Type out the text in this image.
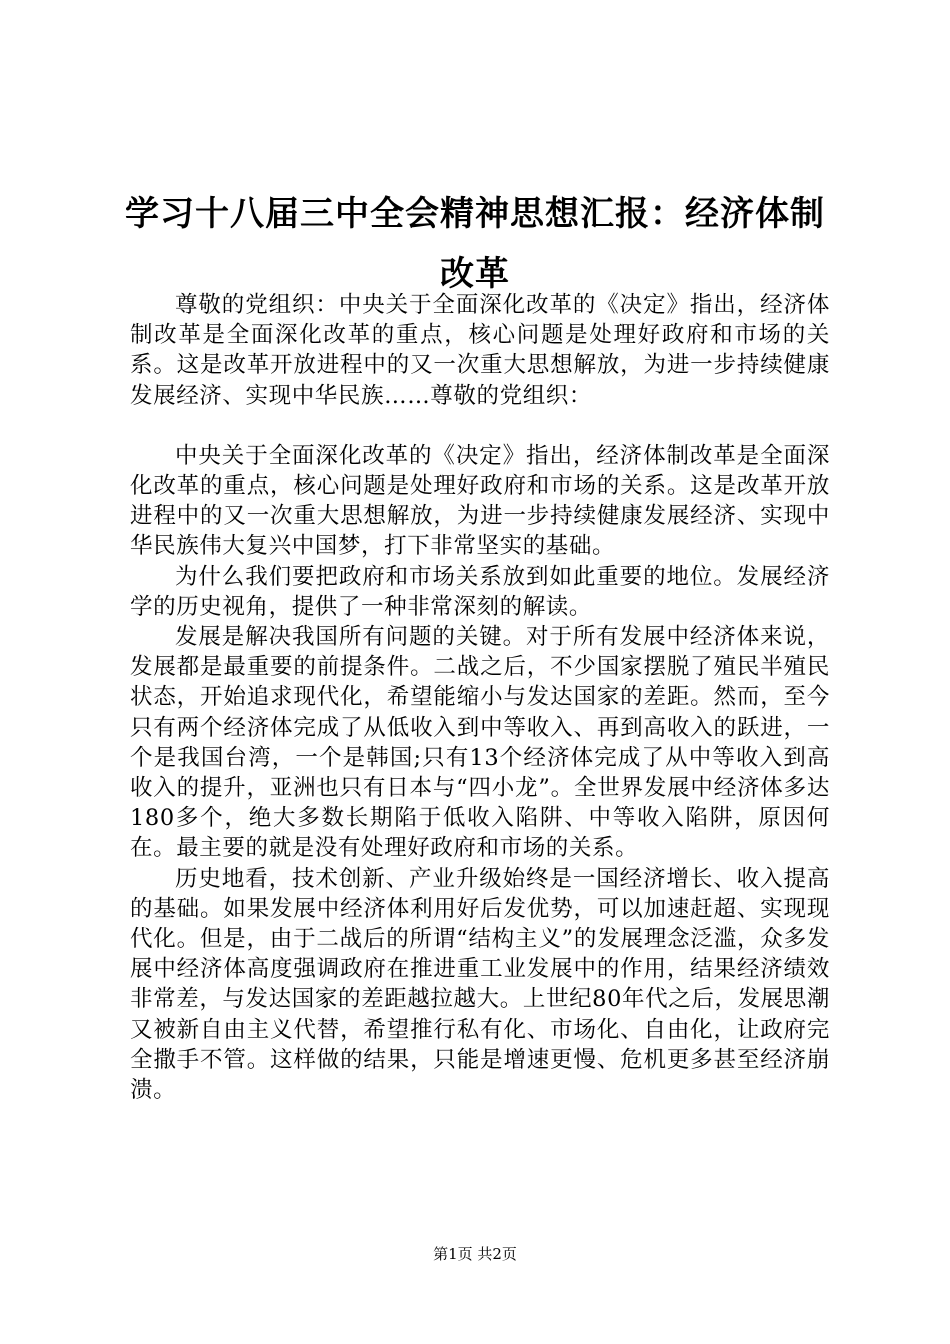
学习十八届三中全会精神思想汇报：经济体制改革

尊敬的党组织：中央关于全面深化改革的《决定》指出，经济体制改革是全面深化改革的重点，核心问题是处理好政府和市场的关系。这是改革开放进程中的又一次重大思想解放，为进一步持续健康发展经济、实现中华民族……尊敬的党组织：

中央关于全面深化改革的《决定》指出，经济体制改革是全面深化改革的重点，核心问题是处理好政府和市场的关系。这是改革开放进程中的又一次重大思想解放，为进一步持续健康发展经济、实现中华民族伟大复兴中国梦，打下非常坚实的基础。

为什么我们要把政府和市场关系放到如此重要的地位。发展经济学的历史视角，提供了一种非常深刻的解读。

发展是解决我国所有问题的关键。对于所有发展中经济体来说，发展都是最重要的前提条件。二战之后，不少国家摆脱了殖民半殖民状态，开始追求现代化，希望能缩小与发达国家的差距。然而，至今只有两个经济体完成了从低收入到中等收入、再到高收入的跃进，一个是我国台湾，一个是韩国;只有13个经济体完成了从中等收入到高收入的提升，亚洲也只有日本与“四小龙”。全世界发展中经济体多达180多个，绝大多数长期陷于低收入陷阱、中等收入陷阱，原因何在。最主要的就是没有处理好政府和市场的关系。

历史地看，技术创新、产业升级始终是一国经济增长、收入提高的基础。如果发展中经济体利用好后发优势，可以加速赶超、实现现代化。但是，由于二战后的所谓“结构主义”的发展理念泛滥，众多发展中经济体高度强调政府在推进重工业发展中的作用，结果经济绩效非常差，与发达国家的差距越拉越大。上世纪80年代之后，发展思潮又被新自由主义代替，希望推行私有化、市场化、自由化，让政府完全撒手不管。这样做的结果，只能是增速更慢、危机更多甚至经济崩溃。

第1页 共2页
